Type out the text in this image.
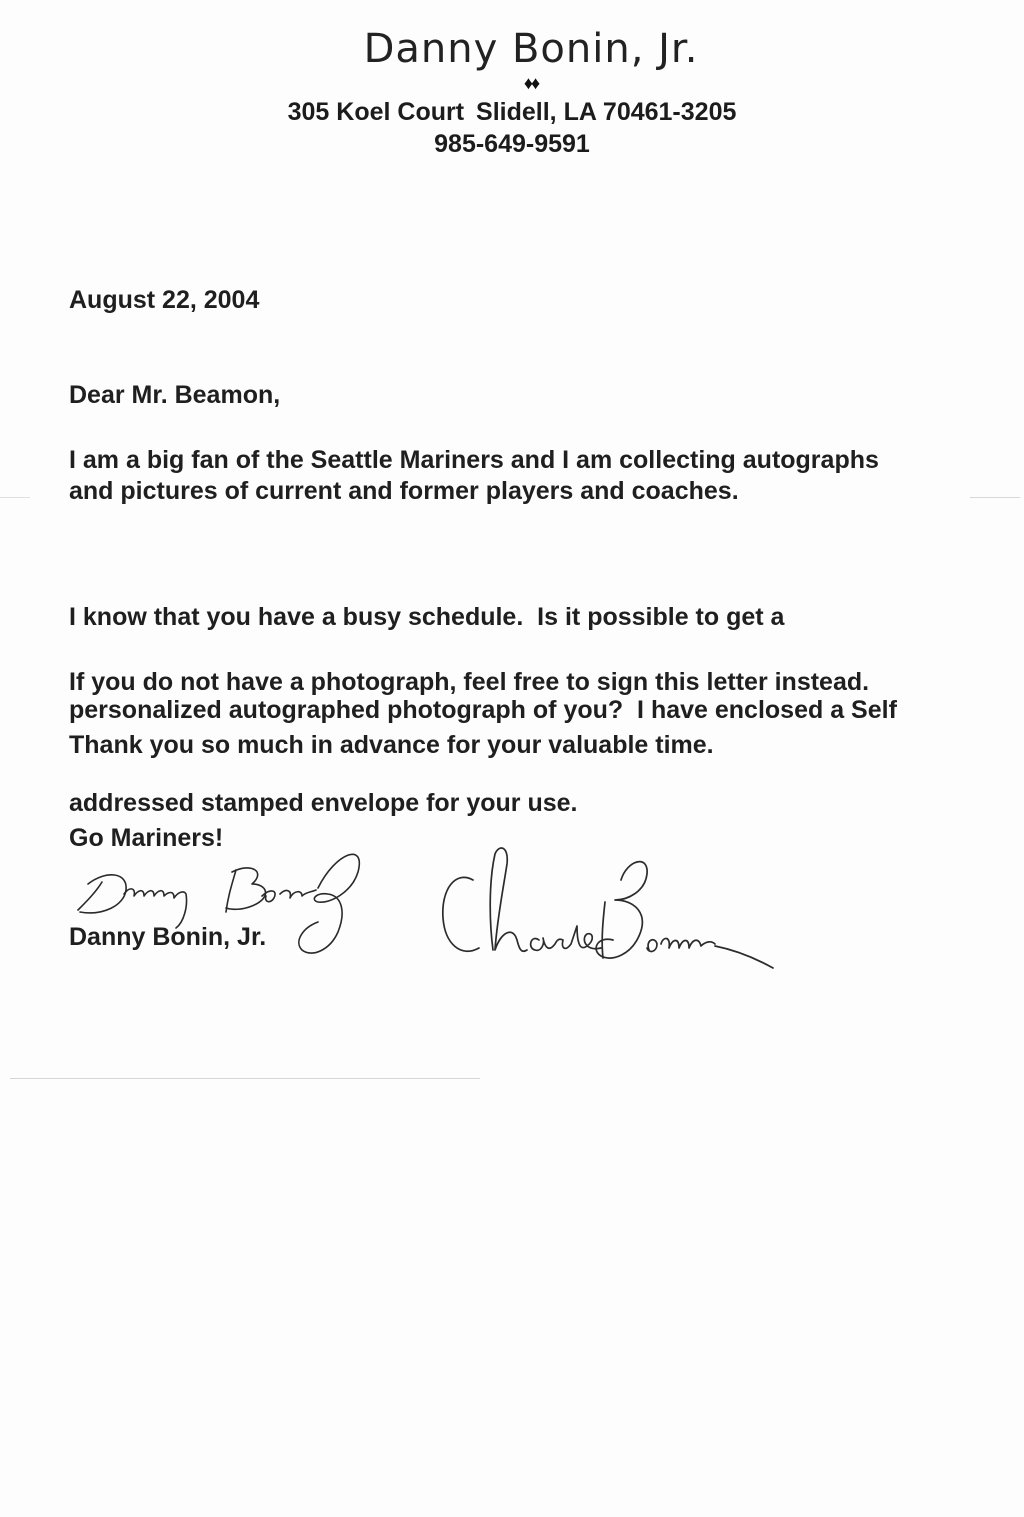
Danny Bonin, Jr.
♦♦
305 Koel Court Slidell, LA 70461-3205
985-649-9591
August 22, 2004
Dear Mr. Beamon,
I am a big fan of the Seattle Mariners and I am collecting autographs
and pictures of current and former players and coaches.

I know that you have a busy schedule.  Is it possible to get a

personalized autographed photograph of you?  I have enclosed a Self

addressed stamped envelope for your use.

If you do not have a photograph, feel free to sign this letter instead.
Thank you so much in advance for your valuable time.
Go Mariners!
Danny Bonin, Jr.
